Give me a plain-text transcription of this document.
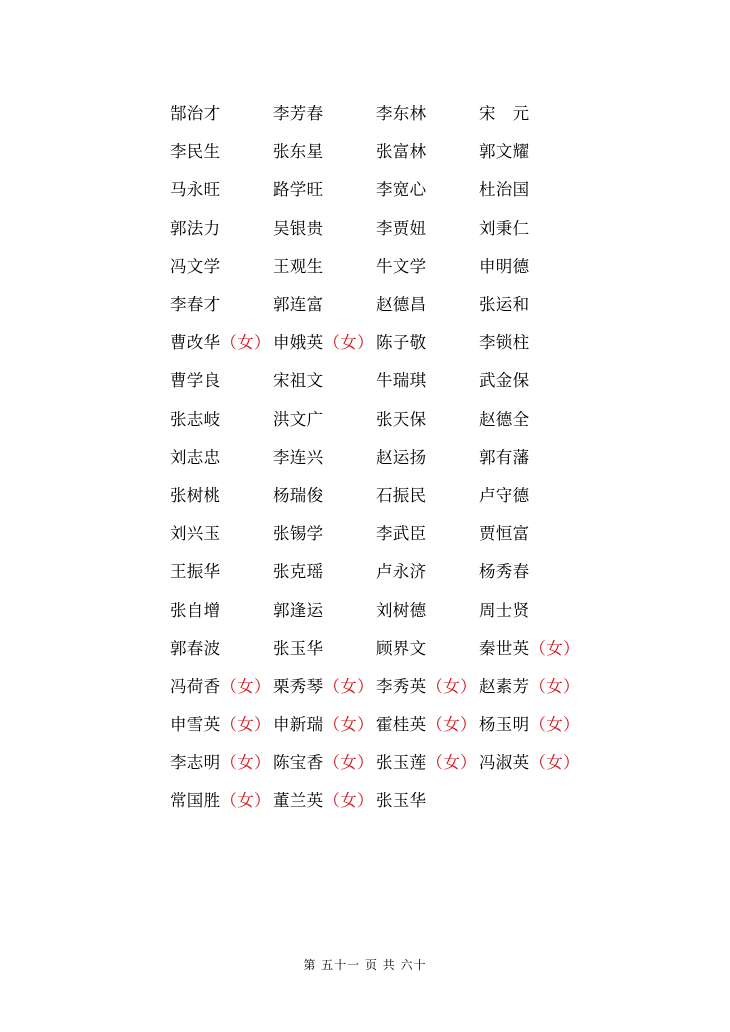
郜治才	李芳春	李东林	宋　元
李民生	张东星	张富林	郭文耀
马永旺	路学旺	李宽心	杜治国
郭法力	吴银贵	李贾妞	刘秉仁
冯文学	王观生	牛文学	申明德
李春才	郭连富	赵德昌	张运和
曹改华（女） 申娥英（女） 陈子敬	李锁柱
曹学良	宋祖文	牛瑞琪	武金保
张志岐	洪文广	张天保	赵德全
刘志忠	李连兴	赵运扬	郭有藩
张树桃	杨瑞俊	石振民	卢守德
刘兴玉	张锡学	李武臣	贾恒富
王振华	张克瑶	卢永济	杨秀春
张自增	郭逢运	刘树德	周士贤
郭春波	张玉华	顾界文	秦世英（女）
冯荷香（女） 栗秀琴（女） 李秀英（女） 赵素芳（女）
申雪英（女） 申新瑞（女） 霍桂英（女） 杨玉明（女）
李志明（女） 陈宝香（女） 张玉莲（女） 冯淑英（女）
常国胜（女） 董兰英（女） 张玉华
第 五十一 页 共 六十
